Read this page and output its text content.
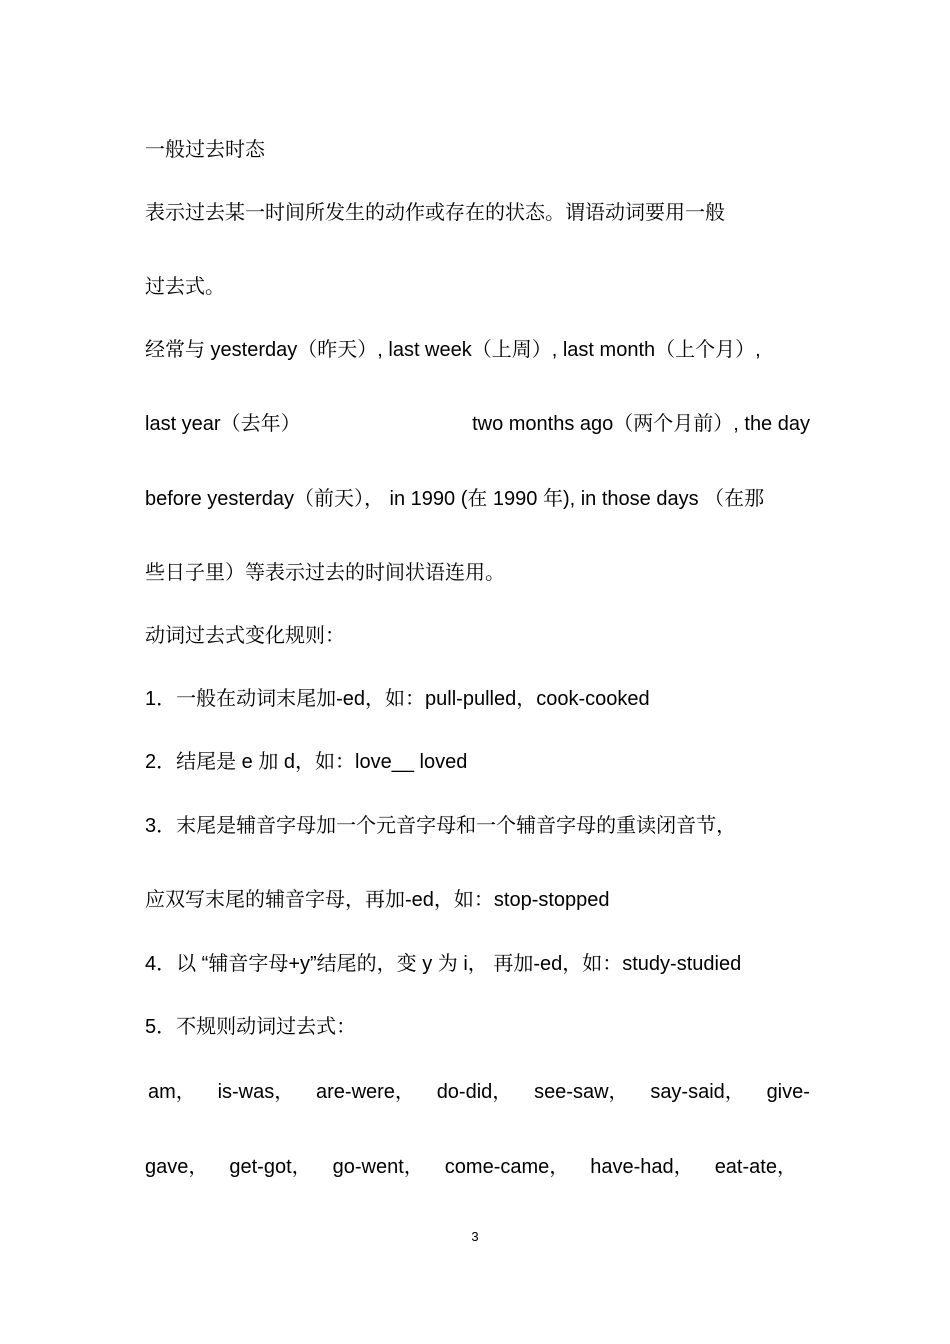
一般过去时态
表示过去某一时间所发生的动作或存在的状态。谓语动词要用一般
过去式。
经常与 yesterday（昨天）, last week（上周）, last month（上个月）,
last year（去年）	two months ago（两个月前）, the day
before yesterday（前天）， in 1990 (在 1990 年), in those days （在那
些日子里）等表示过去的时间状语连用。
动词过去式变化规则：
1．一般在动词末尾加-ed，如：pull-pulled，cook-cooked
2．结尾是 e 加 d，如：love__ loved
3．末尾是辅音字母加一个元音字母和一个辅音字母的重读闭音节，
应双写末尾的辅音字母，再加-ed，如：stop-stopped
4．以 “辅音字母+y”结尾的，变 y 为 i， 再加-ed，如：study-studied
5．不规则动词过去式：
am， is-was， are-were， do-did， see-saw， say-said， give-
gave， get-got， go-went， come-came， have-had， eat-ate，
3
